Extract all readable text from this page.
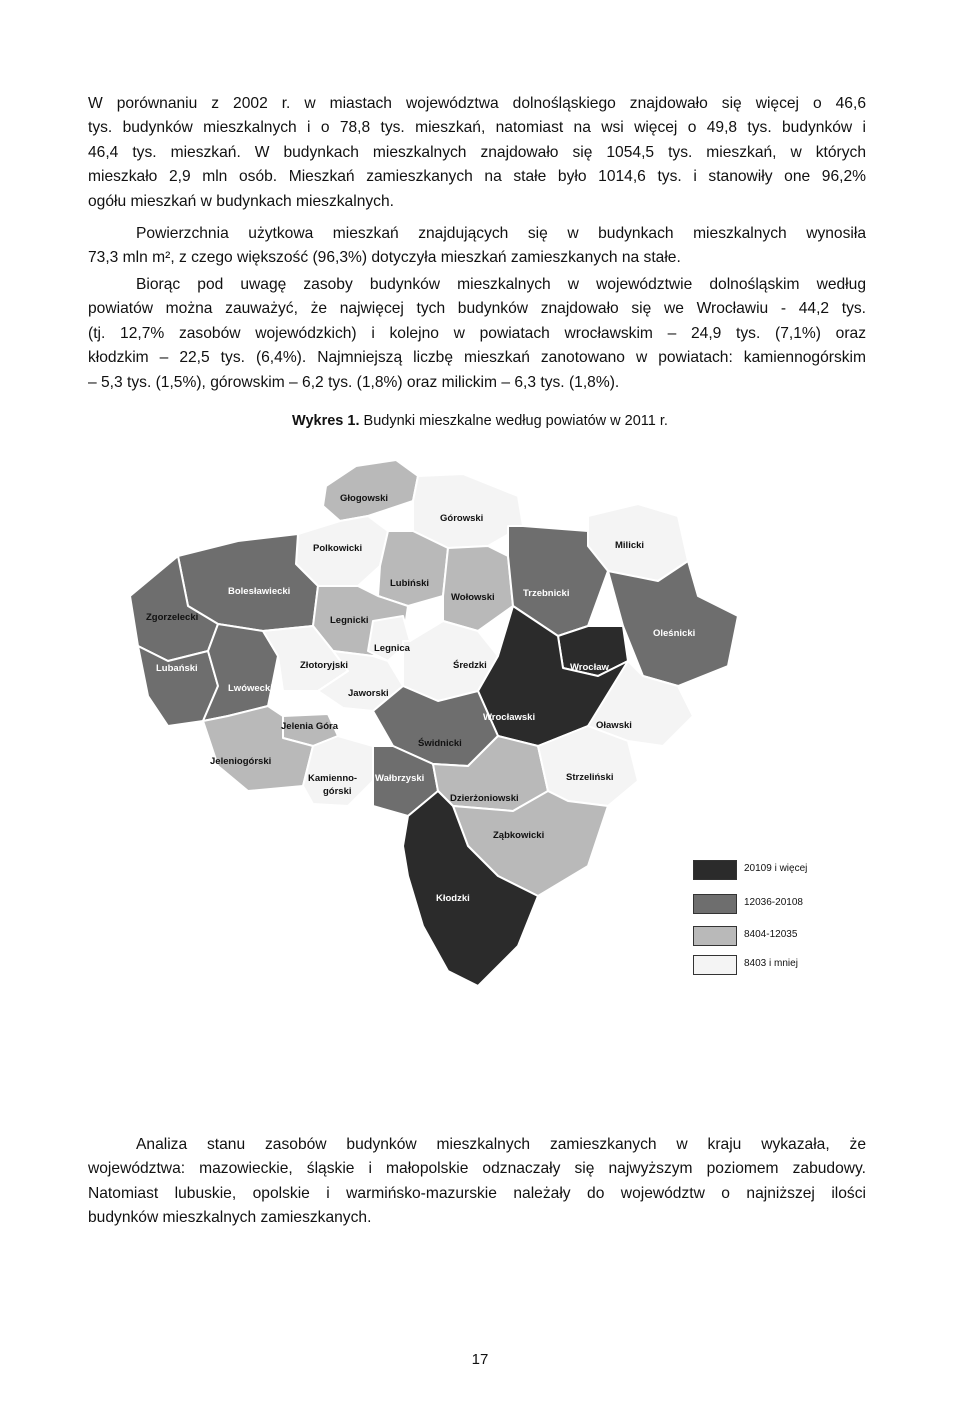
W porównaniu z 2002 r. w miastach województwa dolnośląskiego znajdowało się więcej o 46,6
tys. budynków mieszkalnych i o 78,8 tys. mieszkań, natomiast na wsi więcej o 49,8 tys. budynków i
46,4 tys. mieszkań. W budynkach mieszkalnych znajdowało się 1054,5 tys. mieszkań, w których
mieszkało 2,9 mln osób. Mieszkań zamieszkanych na stałe było 1014,6 tys. i stanowiły one 96,2%
ogółu mieszkań w budynkach mieszkalnych.

Powierzchnia użytkowa mieszkań znajdujących się w budynkach mieszkalnych wynosiła
73,3 mln m², z czego większość (96,3%) dotyczyła mieszkań zamieszkanych na stałe.

Biorąc pod uwagę zasoby budynków mieszkalnych w województwie dolnośląskim według
powiatów można zauważyć, że najwięcej tych budynków znajdowało się we Wrocławiu - 44,2 tys.
(tj. 12,7% zasobów wojewódzkich) i kolejno w powiatach wrocławskim – 24,9 tys. (7,1%) oraz
kłodzkim – 22,5 tys. (6,4%). Najmniejszą liczbę mieszkań zanotowano w powiatach: kamiennogórskim
– 5,3 tys. (1,5%), górowskim – 6,2 tys. (1,8%) oraz milickim – 6,3 tys. (1,8%).

Wykres 1. Budynki mieszkalne według powiatów w 2011 r.
Głogowski
Górowski
Polkowicki	Milicki
Bolesławiecki
Lubiński
Wołowski	Trzebnicki
Zgorzelecki	Legnicki
Oleśnicki
Legnica
Lubański	Złotoryjski	Średzki	Wrocław
Lwówecki	Jaworski
Wrocławski
Jelenia Góra	Oławski
Świdnicki
Jeleniogórski
Strzeliński
Kamienno-
górski
Wałbrzyski
Dzierżoniowski
Ząbkowicki
Kłodzki
20109 i więcej
12036-20108
8404-12035
8403 i mniej

Analiza stanu zasobów budynków mieszkalnych zamieszkanych w kraju wykazała, że
województwa: mazowieckie, śląskie i małopolskie odznaczały się najwyższym poziomem zabudowy.
Natomiast lubuskie, opolskie i warmińsko-mazurskie należały do województw o najniższej ilości
budynków mieszkalnych zamieszkanych.

17
